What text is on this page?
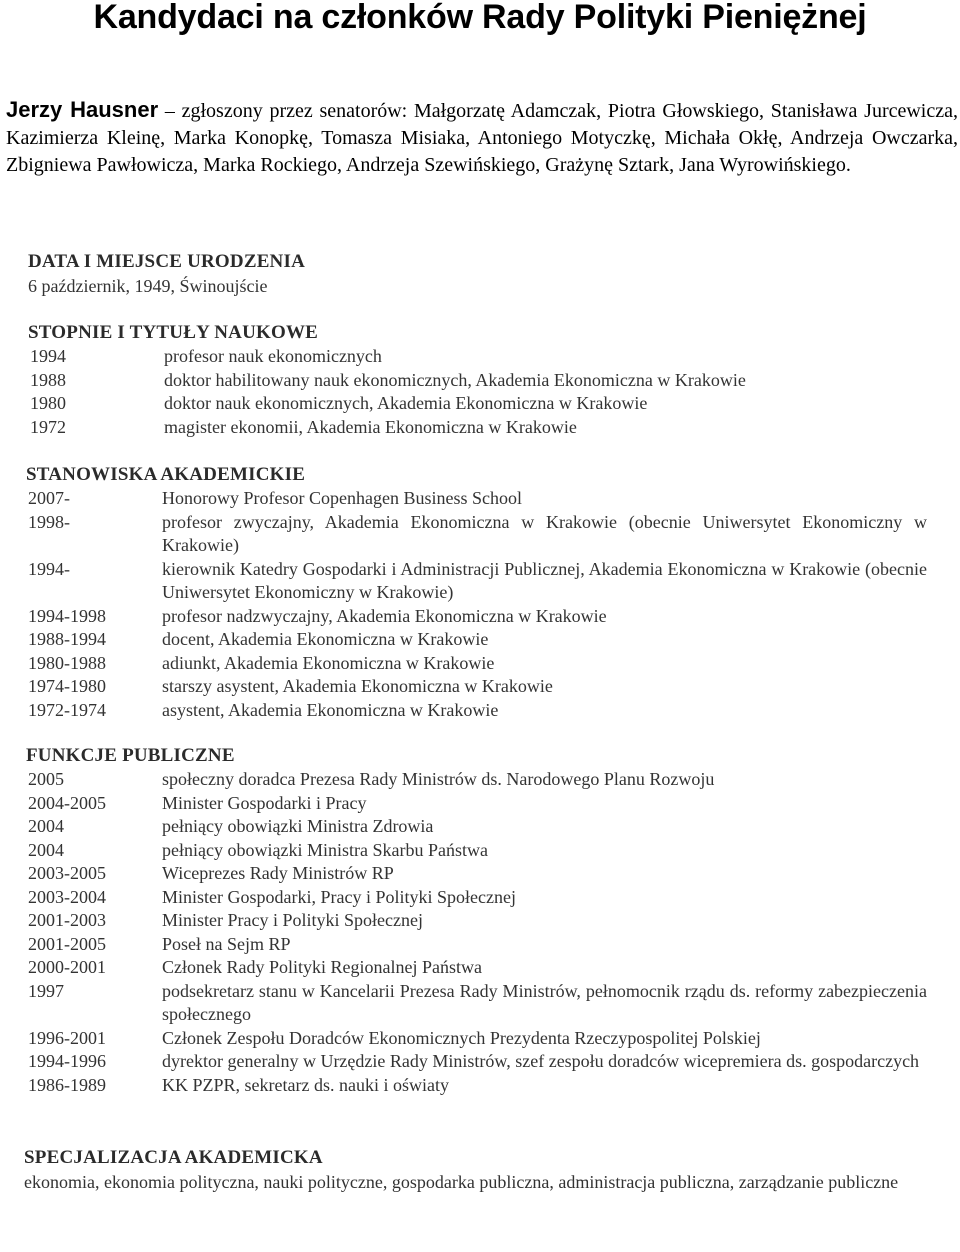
Kandydaci na członków Rady Polityki Pieniężnej
Jerzy Hausner – zgłoszony przez senatorów: Małgorzatę Adamczak, Piotra Głowskiego, Stanisława Jurcewicza, Kazimierza Kleinę, Marka Konopkę, Tomasza Misiaka, Antoniego Motyczkę, Michała Okłę, Andrzeja Owczarka, Zbigniewa Pawłowicza, Marka Rockiego, Andrzeja Szewińskiego, Grażynę Sztark, Jana Wyrowińskiego.
DATA I MIEJSCE URODZENIA
6 październik, 1949, Świnoujście
STOPNIE I TYTUŁY NAUKOWE
1994	profesor nauk ekonomicznych
1988	doktor habilitowany nauk ekonomicznych, Akademia Ekonomiczna w Krakowie
1980	doktor nauk ekonomicznych, Akademia Ekonomiczna w Krakowie
1972	magister ekonomii, Akademia Ekonomiczna w Krakowie
STANOWISKA AKADEMICKIE
2007-	Honorowy Profesor Copenhagen Business School
1998-	profesor zwyczajny, Akademia Ekonomiczna w Krakowie (obecnie Uniwersytet Ekonomiczny w Krakowie)
1994-	kierownik Katedry Gospodarki i Administracji Publicznej, Akademia Ekonomiczna w Krakowie (obecnie Uniwersytet Ekonomiczny w Krakowie)
1994-1998	profesor nadzwyczajny, Akademia Ekonomiczna w Krakowie
1988-1994	docent, Akademia Ekonomiczna w Krakowie
1980-1988	adiunkt, Akademia Ekonomiczna w Krakowie
1974-1980	starszy asystent, Akademia Ekonomiczna w Krakowie
1972-1974	asystent, Akademia Ekonomiczna w Krakowie
FUNKCJE PUBLICZNE
2005	społeczny doradca Prezesa Rady Ministrów ds. Narodowego Planu Rozwoju
2004-2005	Minister Gospodarki i Pracy
2004	pełniący obowiązki Ministra Zdrowia
2004	pełniący obowiązki Ministra Skarbu Państwa
2003-2005	Wiceprezes Rady Ministrów RP
2003-2004	Minister Gospodarki, Pracy i Polityki Społecznej
2001-2003	Minister Pracy i Polityki Społecznej
2001-2005	Poseł na Sejm RP
2000-2001	Członek Rady Polityki Regionalnej Państwa
1997	podsekretarz stanu w Kancelarii Prezesa Rady Ministrów, pełnomocnik rządu ds. reformy zabezpieczenia społecznego
1996-2001	Członek Zespołu Doradców Ekonomicznych Prezydenta Rzeczypospolitej Polskiej
1994-1996	dyrektor generalny w Urzędzie Rady Ministrów, szef zespołu doradców wicepremiera ds. gospodarczych
1986-1989	KK PZPR, sekretarz ds. nauki i oświaty
SPECJALIZACJA AKADEMICKA
ekonomia, ekonomia polityczna, nauki polityczne, gospodarka publiczna, administracja publiczna, zarządzanie publiczne
